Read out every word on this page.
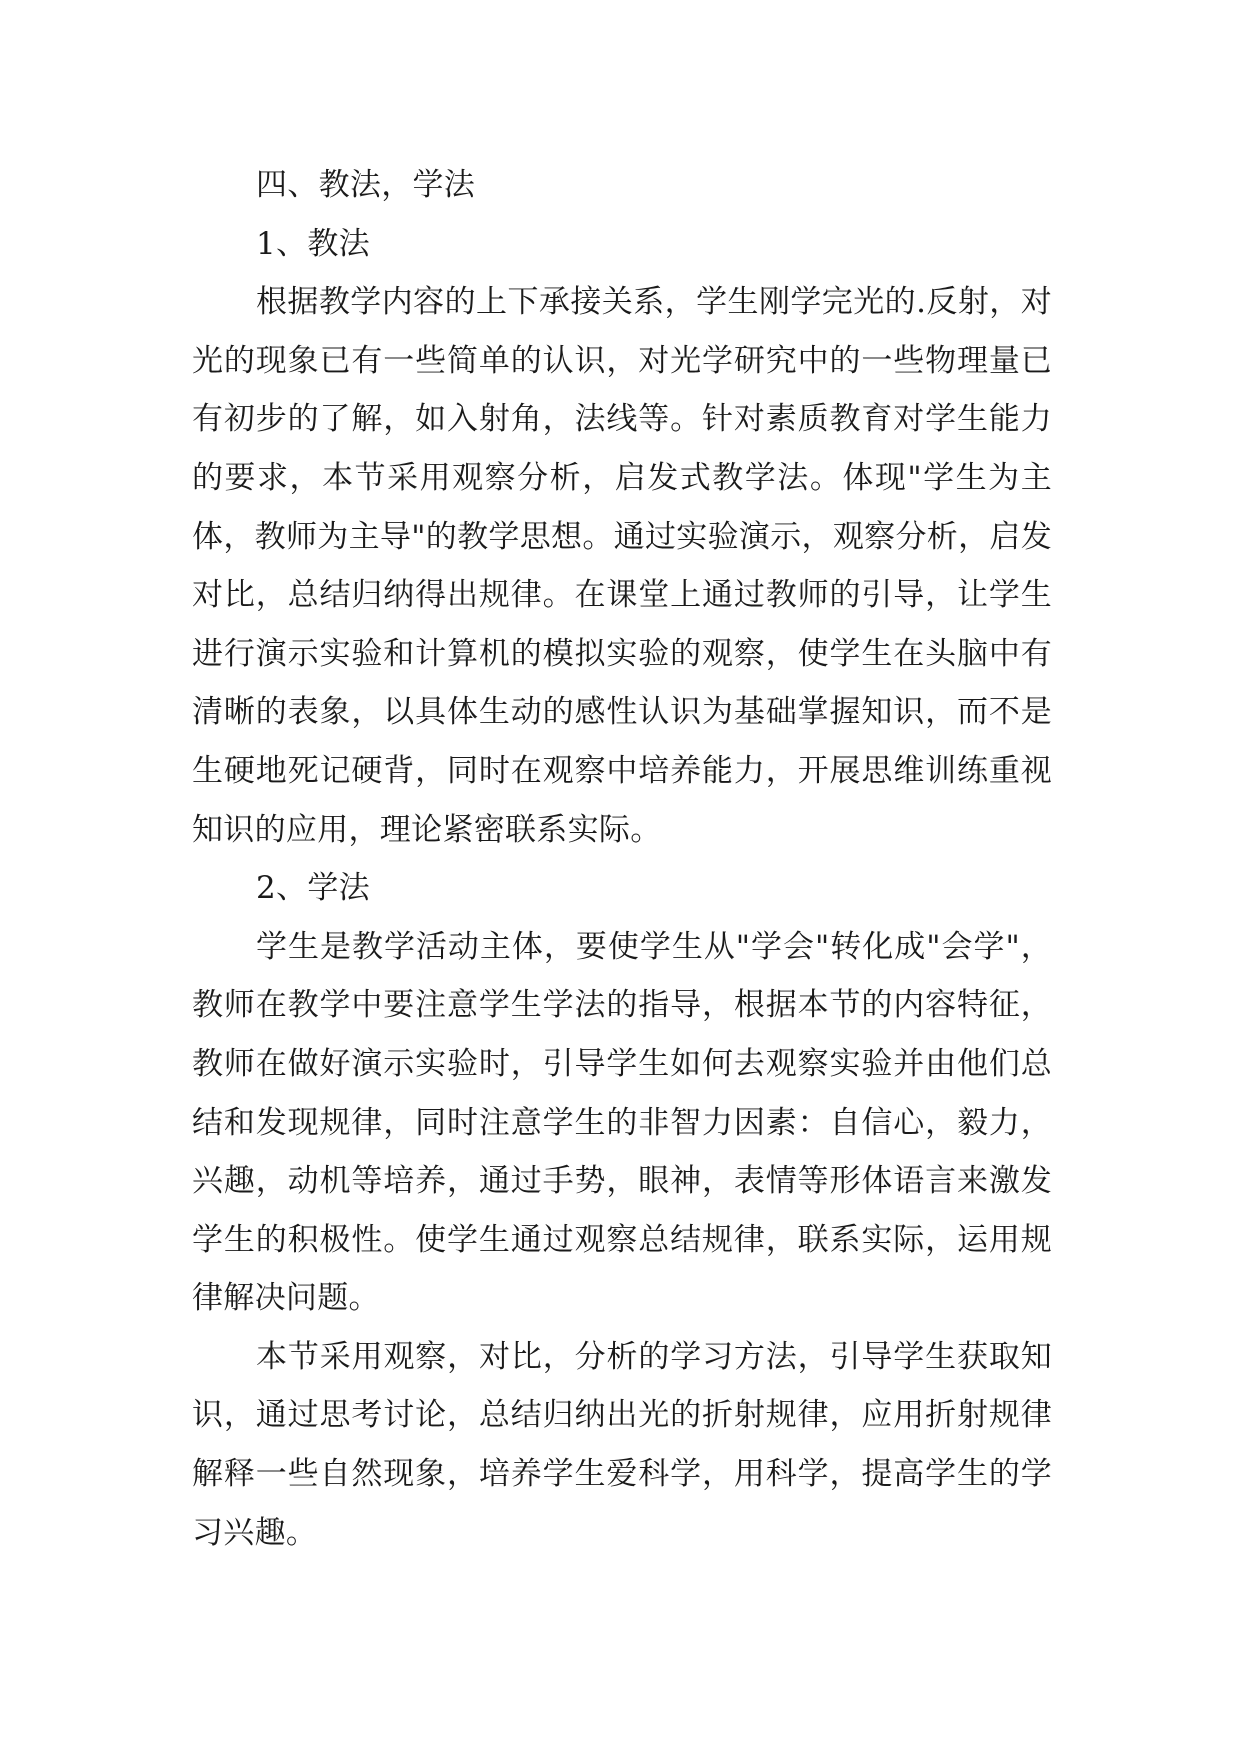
四、教法，学法

1、教法

根据教学内容的上下承接关系，学生刚学完光的.反射，对光的现象已有一些简单的认识，对光学研究中的一些物理量已有初步的了解，如入射角，法线等。针对素质教育对学生能力的要求，本节采用观察分析，启发式教学法。体现"学生为主体，教师为主导"的教学思想。通过实验演示，观察分析，启发对比，总结归纳得出规律。在课堂上通过教师的引导，让学生进行演示实验和计算机的模拟实验的观察，使学生在头脑中有清晰的表象，以具体生动的感性认识为基础掌握知识，而不是生硬地死记硬背，同时在观察中培养能力，开展思维训练重视知识的应用，理论紧密联系实际。

2、学法

学生是教学活动主体，要使学生从"学会"转化成"会学"，教师在教学中要注意学生学法的指导，根据本节的内容特征，教师在做好演示实验时，引导学生如何去观察实验并由他们总结和发现规律，同时注意学生的非智力因素：自信心，毅力，兴趣，动机等培养，通过手势，眼神，表情等形体语言来激发学生的积极性。使学生通过观察总结规律，联系实际，运用规律解决问题。

本节采用观察，对比，分析的学习方法，引导学生获取知识，通过思考讨论，总结归纳出光的折射规律，应用折射规律解释一些自然现象，培养学生爱科学，用科学，提高学生的学习兴趣。
